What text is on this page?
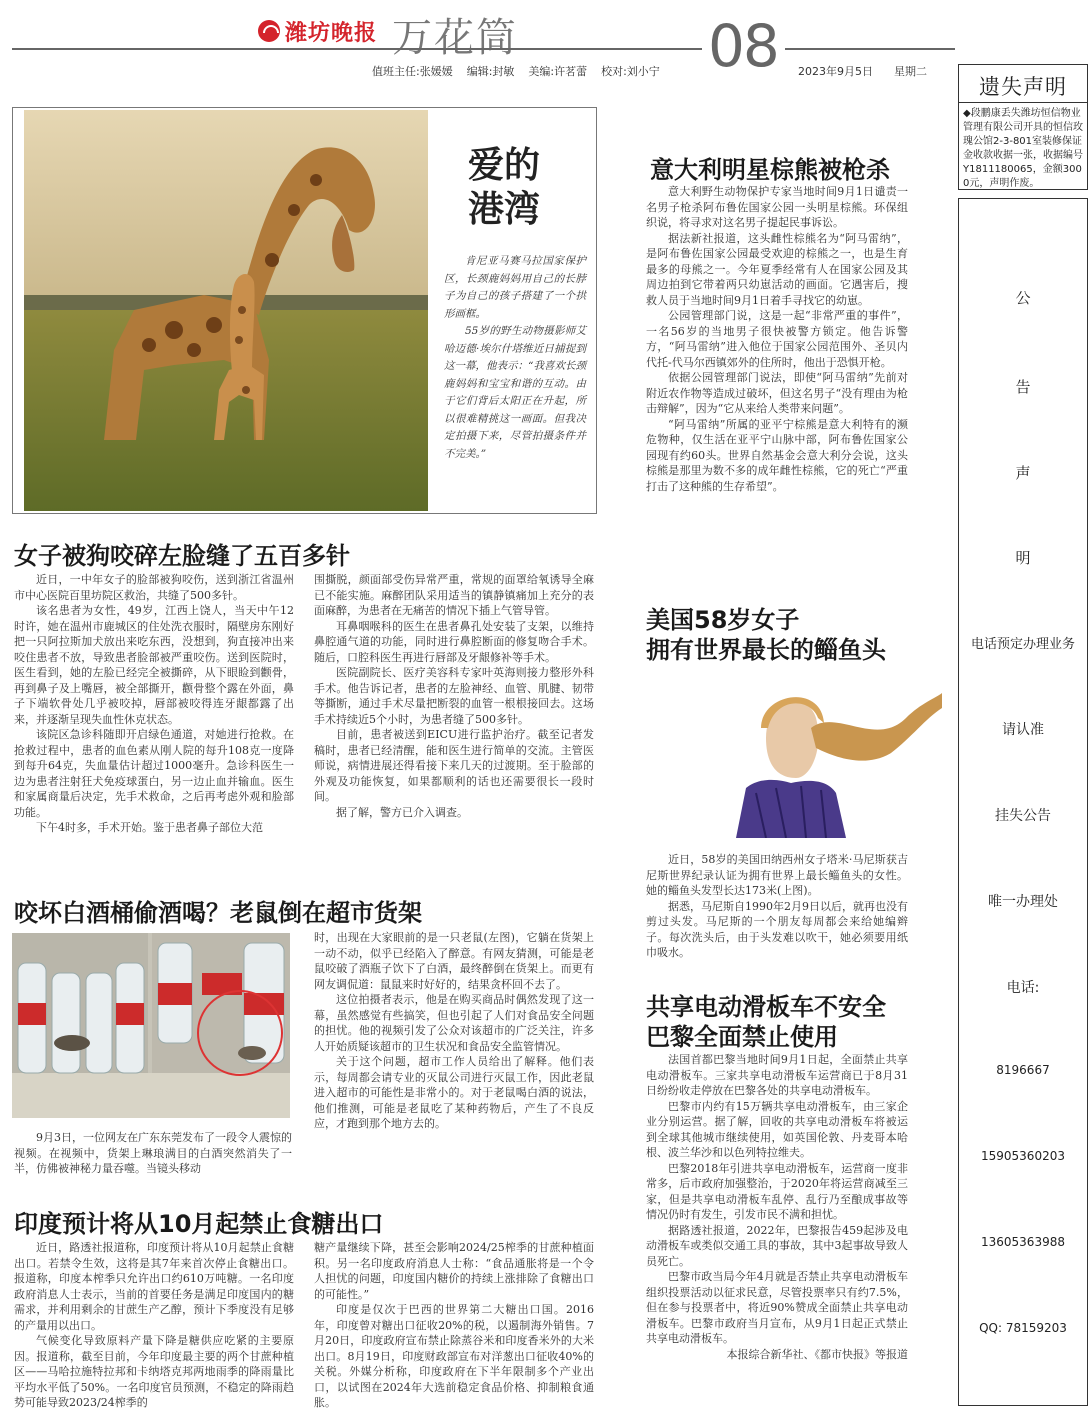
潍坊晚报 万花筒	08
值班主任:张媛媛    编辑:封敏    美编:许茗蕾    校对:刘小宁	2023年9月5日 星期二
遗失声明
◆段鹏康丢失潍坊恒信物业管理有限公司开具的恒信玫瑰公馆2-3-801室装修保证金收款收据一张，收据编号Y1811180065，金额3000元，声明作废。
公
告
声
明
电话预定办理业务
请认准
挂失公告
唯一办理处
电话:
8196667
15905360203
13605363988
QQ: 78159203
爱的
港湾

肯尼亚马赛马拉国家保护区，长颈鹿妈妈用自己的长脖子为自己的孩子搭建了一个拱形画框。

55岁的野生动物摄影师艾哈迈德·埃尔什塔维近日捕捉到这一幕，他表示：“我喜欢长颈鹿妈妈和宝宝和谐的互动。由于它们背后太阳正在升起，所以很难精挑这一画面。但我决定拍摄下来，尽管拍摄条件并不完美。”

女子被狗咬碎左脸缝了五百多针

近日，一中年女子的脸部被狗咬伤，送到浙江省温州市中心医院百里坊院区救治，共缝了500多针。

该名患者为女性，49岁，江西上饶人，当天中午12时许，她在温州市鹿城区的住处洗衣服时，隔壁房东刚好把一只阿拉斯加犬放出来吃东西，没想到，狗直接冲出来咬住患者不放，导致患者脸部被严重咬伤。送到医院时，医生看到，她的左脸已经完全被撕碎，从下眼睑到颧骨，再到鼻子及上嘴唇，被全部撕开，颧骨整个露在外面，鼻子下端软骨处几乎被咬掉，唇部被咬得连牙龈都露了出来，并逐渐呈现失血性休克状态。

该院区急诊科随即开启绿色通道，对她进行抢救。在抢救过程中，患者的血色素从刚人院的每升108克一度降到每升64克，失血量估计超过1000毫升。急诊科医生一边为患者注射狂犬免疫球蛋白，另一边止血并输血。医生和家属商量后决定，先手术救命，之后再考虑外观和脸部功能。

下午4时多，手术开始。鉴于患者鼻子部位大范

围撕脱，颜面部受伤异常严重，常规的面罩给氧诱导全麻已不能实施。麻醉团队采用适当的镇静镇痛加上充分的表面麻醉，为患者在无痛苦的情况下插上气管导管。

耳鼻咽喉科的医生在患者鼻孔处安装了支架，以维持鼻腔通气道的功能，同时进行鼻腔断面的修复吻合手术。随后，口腔科医生再进行唇部及牙龈修补等手术。

医院副院长、医疗美容科专家叶英海则接力整形外科手术。他告诉记者，患者的左脸神经、血管、肌腱、韧带等撕断，通过手术尽量把断裂的血管一根根接回去。这场手术持续近5个小时，为患者缝了500多针。

目前，患者被送到EICU进行监护治疗。截至记者发稿时，患者已经清醒，能和医生进行简单的交流。主管医师说，病情进展还得看接下来几天的过渡期。至于脸部的外观及功能恢复，如果都顺利的话也还需要很长一段时间。

据了解，警方已介入调查。

咬坏白酒桶偷酒喝？老鼠倒在超市货架

9月3日，一位网友在广东东莞发布了一段令人震惊的视频。在视频中，货架上琳琅满目的白酒突然消失了一半，仿佛被神秘力量吞噬。当镜头移动

时，出现在大家眼前的是一只老鼠(左图)，它躺在货架上一动不动，似乎已经陷入了醉意。有网友猜测，可能是老鼠咬破了酒瓶子饮下了白酒，最终醉倒在货架上。而更有网友调侃道：鼠鼠来时好好的，结果贪杯回不去了。

这位拍摄者表示，他是在购买商品时偶然发现了这一幕，虽然感觉有些搞笑，但也引起了人们对食品安全问题的担忧。他的视频引发了公众对该超市的广泛关注，许多人开始质疑该超市的卫生状况和食品安全监管情况。

关于这个问题，超市工作人员给出了解释。他们表示，每周都会请专业的灭鼠公司进行灭鼠工作，因此老鼠进入超市的可能性是非常小的。对于老鼠喝白酒的说法，他们推测，可能是老鼠吃了某种药物后，产生了不良反应，才跑到那个地方去的。

印度预计将从10月起禁止食糖出口

近日，路透社报道称，印度预计将从10月起禁止食糖出口。若禁令生效，这将是其7年来首次停止食糖出口。报道称，印度本榨季只允许出口约610万吨糖。一名印度政府消息人士表示，当前的首要任务是满足印度国内的糖需求，并利用剩余的甘蔗生产乙醇，预计下季度没有足够的产量用以出口。

气候变化导致原料产量下降是糖供应吃紧的主要原因。报道称，截至目前，今年印度最主要的两个甘蔗种植区——马哈拉施特拉邦和卡纳塔克邦两地雨季的降雨量比平均水平低了50%。一名印度官员预测，不稳定的降雨趋势可能导致2023/24榨季的

糖产量继续下降，甚至会影响2024/25榨季的甘蔗种植面积。另一名印度政府消息人士称：“食品通胀将是一个令人担忧的问题，印度国内糖价的持续上涨排除了食糖出口的可能性。”

印度是仅次于巴西的世界第二大糖出口国。2016年，印度曾对糖出口征收20%的税，以遏制海外销售。7月20日，印度政府宣布禁止除蒸谷米和印度香米外的大米出口。8月19日，印度财政部宣布对洋葱出口征收40%的关税。外媒分析称，印度政府在下半年限制多个产业出口，以试图在2024年大选前稳定食品价格、抑制粮食通胀。

意大利明星棕熊被枪杀

意大利野生动物保护专家当地时间9月1日谴责一名男子枪杀阿布鲁佐国家公园一头明星棕熊。环保组织说，将寻求对这名男子提起民事诉讼。

据法新社报道，这头雌性棕熊名为“阿马雷纳”，是阿布鲁佐国家公园最受欢迎的棕熊之一，也是生育最多的母熊之一。今年夏季经常有人在国家公园及其周边拍到它带着两只幼崽活动的画面。它遇害后，搜救人员于当地时间9月1日着手寻找它的幼崽。

公园管理部门说，这是一起“非常严重的事件”，一名56岁的当地男子很快被警方锁定。他告诉警方，“阿马雷纳”进入他位于国家公园范围外、圣贝内代托-代马尔西镇郊外的住所时，他出于恐惧开枪。

依据公园管理部门说法，即使“阿马雷纳”先前对附近农作物等造成过破坏，但这名男子“没有理由为枪击辩解”，因为“它从来给人类带来问题”。

“阿马雷纳”所属的亚平宁棕熊是意大利特有的濒危物种，仅生活在亚平宁山脉中部，阿布鲁佐国家公园现有约60头。世界自然基金会意大利分会说，这头棕熊是那里为数不多的成年雌性棕熊，它的死亡“严重打击了这种熊的生存希望”。

美国58岁女子
拥有世界最长的鲻鱼头

近日，58岁的美国田纳西州女子塔米·马尼斯获吉尼斯世界纪录认证为拥有世界上最长鲻鱼头的女性。她的鲻鱼头发型长达173米(上图)。

据悉，马尼斯自1990年2月9日以后，就再也没有剪过头发。马尼斯的一个朋友每周都会来给她编辫子。每次洗头后，由于头发难以吹干，她必须要用纸巾吸水。

共享电动滑板车不安全
巴黎全面禁止使用

法国首都巴黎当地时间9月1日起，全面禁止共享电动滑板车。三家共享电动滑板车运营商已于8月31日纷纷收走停放在巴黎各处的共享电动滑板车。

巴黎市内约有15万辆共享电动滑板车，由三家企业分别运营。据了解，回收的共享电动滑板车将被运到全球其他城市继续使用，如英国伦敦、丹麦哥本哈根、波兰华沙和以色列特拉维夫。

巴黎2018年引进共享电动滑板车，运营商一度非常多，后市政府加强整治，于2020年将运营商减至三家，但是共享电动滑板车乱停、乱行乃至酿成事故等情况仍时有发生，引发市民不满和担忧。

据路透社报道，2022年，巴黎报告459起涉及电动滑板车或类似交通工具的事故，其中3起事故导致人员死亡。

巴黎市政当局今年4月就是否禁止共享电动滑板车组织投票活动以征求民意，尽管投票率只有约7.5%，但在参与投票者中，将近90%赞成全面禁止共享电动滑板车。巴黎市政府当月宣布，从9月1日起正式禁止共享电动滑板车。

本报综合新华社、《都市快报》等报道
